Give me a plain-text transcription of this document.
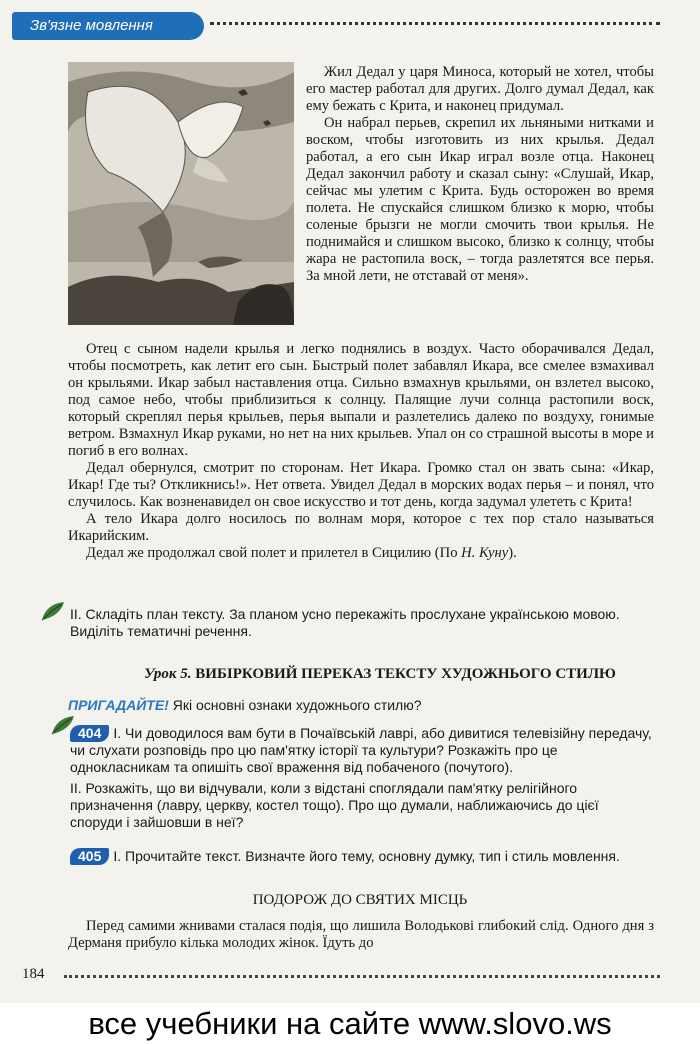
Зв'язне мовлення

Жил Дедал у царя Миноса, который не хотел, чтобы его мастер работал для других. Долго думал Дедал, как ему бежать с Крита, и наконец придумал.

Он набрал перьев, скрепил их льняными нитками и воском, чтобы изготовить из них крылья. Дедал работал, а его сын Икар играл возле отца. Наконец Дедал закончил работу и сказал сыну: «Слушай, Икар, сейчас мы улетим с Крита. Будь осторожен во время полета. Не спускайся слишком близко к морю, чтобы соленые брызги не могли смочить твои крылья. Не поднимайся и слишком высоко, близко к солнцу, чтобы жара не растопила воск, – тогда разлетятся все перья. За мной лети, не отставай от меня».

Отец с сыном надели крылья и легко поднялись в воздух. Часто оборачивался Дедал, чтобы посмотреть, как летит его сын. Быстрый полет забавлял Икара, все смелее взмахивал он крыльями. Икар забыл наставления отца. Сильно взмахнув крыльями, он взлетел высоко, под самое небо, чтобы приблизиться к солнцу. Палящие лучи солнца растопили воск, который скреплял перья крыльев, перья выпали и разлетелись далеко по воздуху, гонимые ветром. Взмахнул Икар руками, но нет на них крыльев. Упал он со страшной высоты в море и погиб в его волнах.

Дедал обернулся, смотрит по сторонам. Нет Икара. Громко стал он звать сына: «Икар, Икар! Где ты? Откликнись!». Нет ответа. Увидел Дедал в морских водах перья – и понял, что случилось. Как возненавидел он свое искусство и тот день, когда задумал улететь с Крита!

А тело Икара долго носилось по волнам моря, которое с тех пор стало называться Икарийским.

Дедал же продолжал свой полет и прилетел в Сицилию (По Н. Куну).

II. Складіть план тексту. За планом усно перекажіть прослухане українською мовою. Виділіть тематичні речення.
Урок 5. ВИБІРКОВИЙ ПЕРЕКАЗ ТЕКСТУ ХУДОЖНЬОГО СТИЛЮ
ПРИГАДАЙТЕ! Які основні ознаки художнього стилю?
404 I. Чи доводилося вам бути в Почаївській лаврі, або дивитися телевізійну передачу, чи слухати розповідь про цю пам'ятку історії та культури? Розкажіть про це однокласникам та опишіть свої враження від побаченого (почутого).
II. Розкажіть, що ви відчували, коли з відстані споглядали пам'ятку релігійного призначення (лавру, церкву, костел тощо). Про що думали, наближаючись до цієї споруди і зайшовши в неї?
405 I. Прочитайте текст. Визначте його тему, основну думку, тип і стиль мовлення.
ПОДОРОЖ ДО СВЯТИХ МІСЦЬ

Перед самими жнивами сталася подія, що лишила Володькові глибокий слід. Одного дня з Дерманя прибуло кілька молодих жінок. Їдуть до

184
все учебники на сайте www.slovo.ws
